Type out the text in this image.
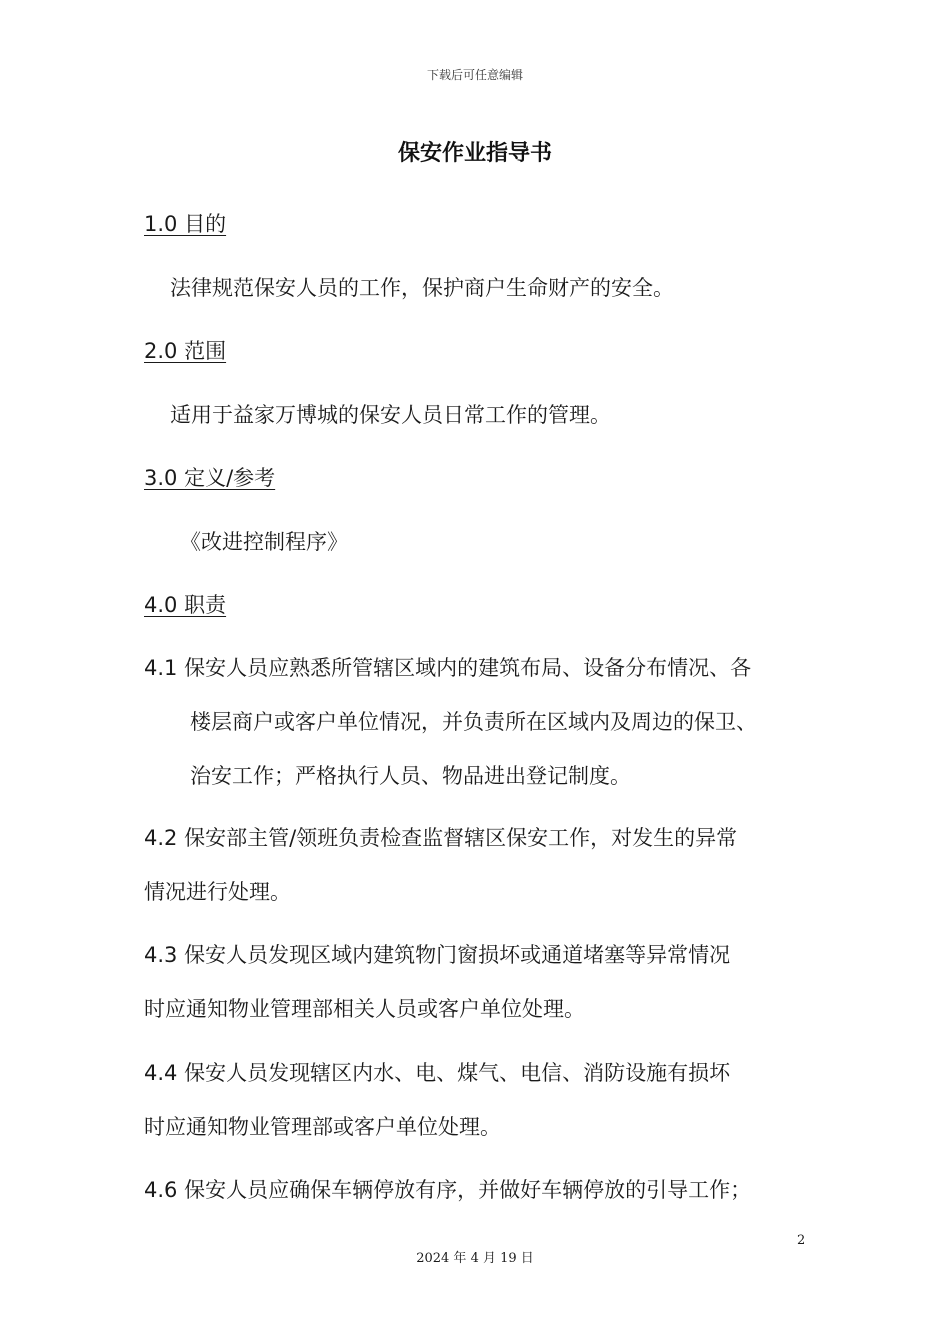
下载后可任意编辑
保安作业指导书
1.0 目的
法律规范保安人员的工作，保护商户生命财产的安全。
2.0 范围
适用于益家万博城的保安人员日常工作的管理。
3.0 定义/参考
《改进控制程序》
4.0 职责
4.1 保安人员应熟悉所管辖区域内的建筑布局、设备分布情况、各
楼层商户或客户单位情况，并负责所在区域内及周边的保卫、
治安工作；严格执行人员、物品进出登记制度。
4.2 保安部主管/领班负责检查监督辖区保安工作，对发生的异常
情况进行处理。
4.3 保安人员发现区域内建筑物门窗损坏或通道堵塞等异常情况
时应通知物业管理部相关人员或客户单位处理。
4.4 保安人员发现辖区内水、电、煤气、电信、消防设施有损坏
时应通知物业管理部或客户单位处理。
4.6 保安人员应确保车辆停放有序，并做好车辆停放的引导工作；
2
2024 年 4 月 19 日
